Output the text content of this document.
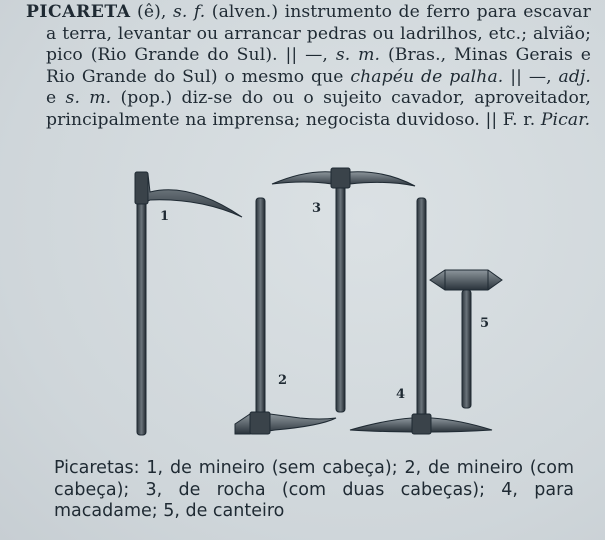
PICARETA (ê), s. f. (alven.) instrumento de ferro para escavar a terra, levantar ou arrancar pedras ou ladrilhos, etc.; alvião; pico (Rio Grande do Sul). || —, s. m. (Bras., Minas Gerais e Rio Grande do Sul) o mesmo que chapéu de palha. || —, adj. e s. m. (pop.) diz-se do ou o sujeito cavador, aproveitador, principalmente na imprensa; negocista duvidoso. || F. r. Picar.
1
2
3
4
5
Picaretas: 1, de mineiro (sem cabeça); 2, de mineiro (com cabeça); 3, de rocha (com duas cabeças); 4, para macadame; 5, de canteiro
